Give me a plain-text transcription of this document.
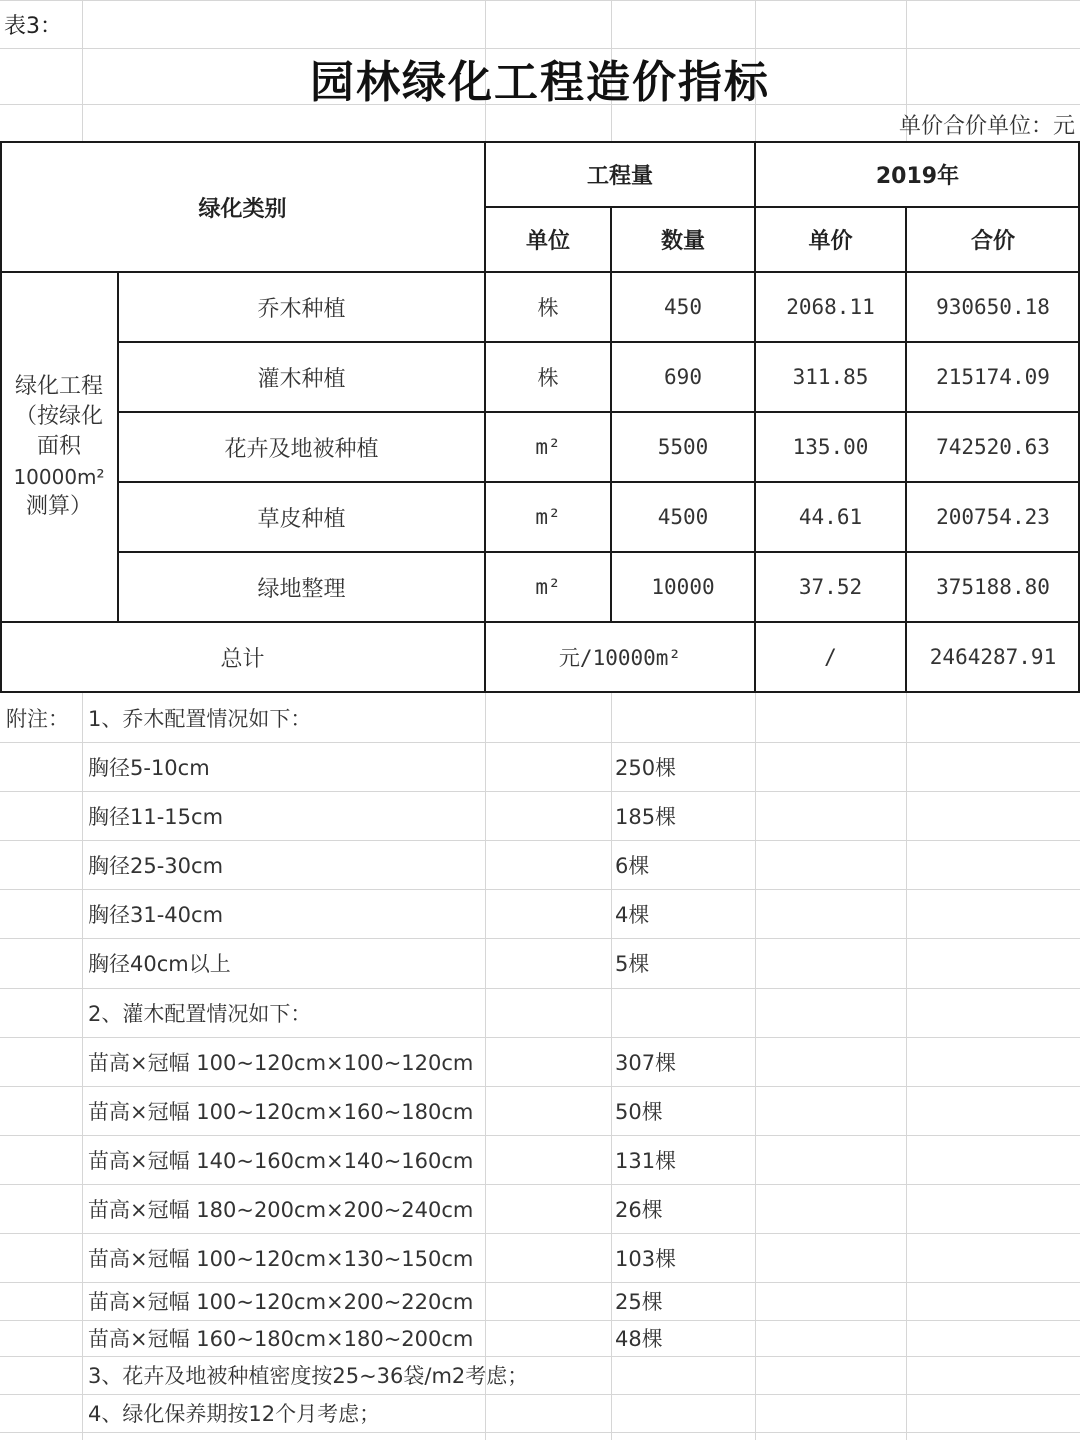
表3：
园林绿化工程造价指标
单价合价单位：元
绿化类别
工程量	2019年
单位	数量	单价	合价
绿化工程
（按绿化
面积
10000m²
测算）
乔木种植	株	450	2068.11	930650.18
灌木种植	株	690	311.85	215174.09
花卉及地被种植	m²	5500	135.00	742520.63
草皮种植	m²	4500	44.61	200754.23
绿地整理	m²	10000	37.52	375188.80
总计	元/10000m²	/	2464287.91
附注： 1、乔木配置情况如下：
胸径5-10cm	250棵
胸径11-15cm	185棵
胸径25-30cm	6棵
胸径31-40cm	4棵
胸径40cm以上	5棵
2、灌木配置情况如下：
苗高×冠幅 100~120cm×100~120cm	307棵
苗高×冠幅 100~120cm×160~180cm	50棵
苗高×冠幅 140~160cm×140~160cm	131棵
苗高×冠幅 180~200cm×200~240cm	26棵
苗高×冠幅 100~120cm×130~150cm	103棵
苗高×冠幅 100~120cm×200~220cm	25棵
苗高×冠幅 160~180cm×180~200cm	48棵
3、花卉及地被种植密度按25~36袋/m2考虑；
4、绿化保养期按12个月考虑；
